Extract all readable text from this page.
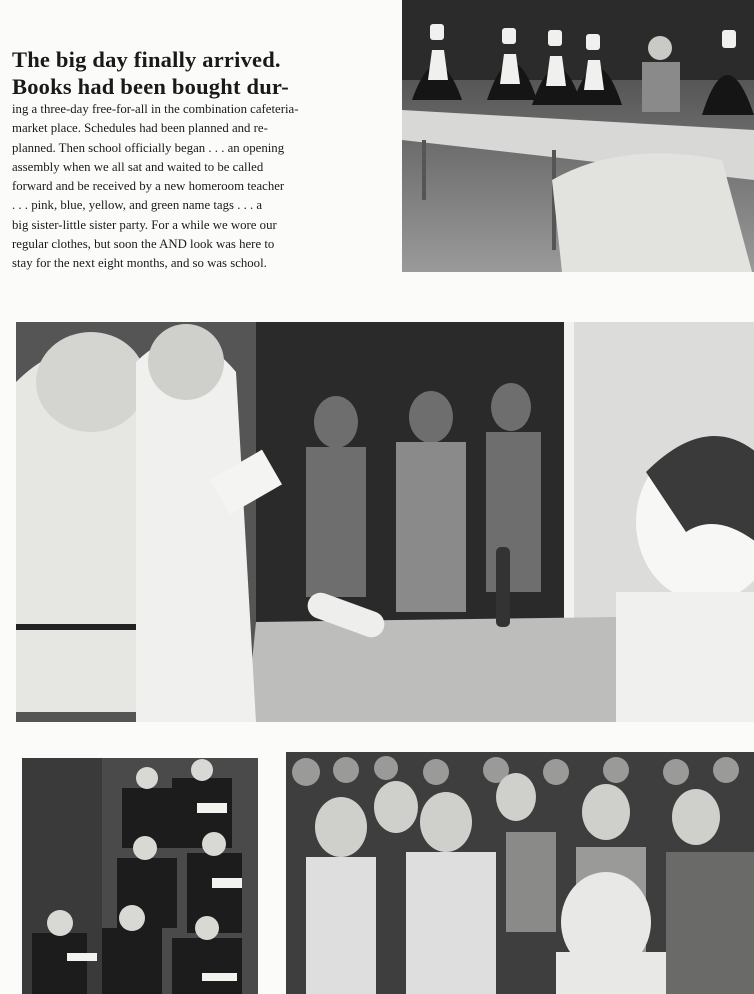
The big day finally arrived.
Books had been bought dur-
ing a three-day free-for-all in the combination cafeteria-
market place. Schedules had been planned and re-
planned. Then school officially began . . . an opening
assembly when we all sat and waited to be called
forward and be received by a new homeroom teacher
. . . pink, blue, yellow, and green name tags . . . a
big sister-little sister party. For a while we wore our
regular clothes, but soon the AND look was here to
stay for the next eight months, and so was school.
